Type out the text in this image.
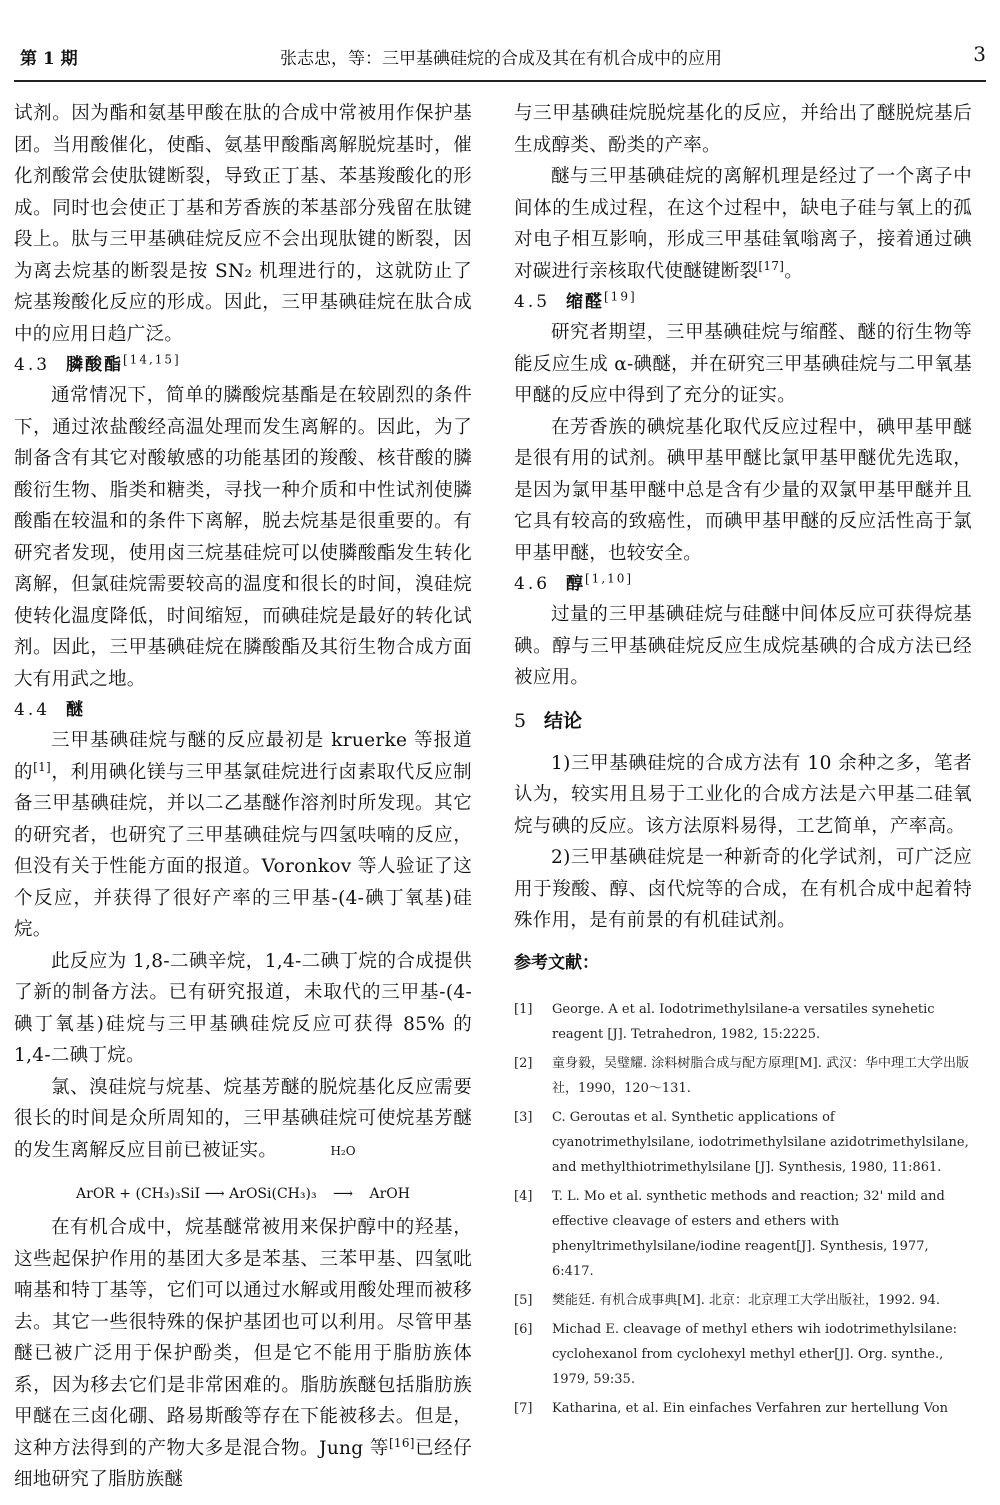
张志忠，等：三甲基碘硅烷的合成及其在有机合成中的应用
第 1 期	3

试剂。因为酯和氨基甲酸在肽的合成中常被用作保护基团。当用酸催化，使酯、氨基甲酸酯离解脱烷基时，催化剂酸常会使肽键断裂，导致正丁基、苯基羧酸化的形成。同时也会使正丁基和芳香族的苯基部分残留在肽键段上。肽与三甲基碘硅烷反应不会出现肽键的断裂，因为离去烷基的断裂是按 SN₂ 机理进行的，这就防止了烷基羧酸化反应的形成。因此，三甲基碘硅烷在肽合成中的应用日趋广泛。

4.3 膦酸酯[14,15]

通常情况下，简单的膦酸烷基酯是在较剧烈的条件下，通过浓盐酸经高温处理而发生离解的。因此，为了制备含有其它对酸敏感的功能基团的羧酸、核苷酸的膦酸衍生物、脂类和糖类，寻找一种介质和中性试剂使膦酸酯在较温和的条件下离解，脱去烷基是很重要的。有研究者发现，使用卤三烷基硅烷可以使膦酸酯发生转化离解，但氯硅烷需要较高的温度和很长的时间，溴硅烷使转化温度降低，时间缩短，而碘硅烷是最好的转化试剂。因此，三甲基碘硅烷在膦酸酯及其衍生物合成方面大有用武之地。

4.4 醚

三甲基碘硅烷与醚的反应最初是 kruerke 等报道的[1]，利用碘化镁与三甲基氯硅烷进行卤素取代反应制备三甲基碘硅烷，并以二乙基醚作溶剂时所发现。其它的研究者，也研究了三甲基碘硅烷与四氢呋喃的反应，但没有关于性能方面的报道。Voronkov 等人验证了这个反应，并获得了很好产率的三甲基-(4-碘丁氧基)硅烷。

此反应为 1,8-二碘辛烷，1,4-二碘丁烷的合成提供了新的制备方法。已有研究报道，未取代的三甲基-(4-碘丁氧基)硅烷与三甲基碘硅烷反应可获得 85% 的 1,4-二碘丁烷。

氯、溴硅烷与烷基、烷基芳醚的脱烷基化反应需要很长的时间是众所周知的，三甲基碘硅烷可使烷基芳醚的发生离解反应目前已被证实。

ArOR + (CH₃)₃SiI ⟶ ArOSi(CH₃)₃
H₂O
⟶ ArOH

在有机合成中，烷基醚常被用来保护醇中的羟基，这些起保护作用的基团大多是苯基、三苯甲基、四氢吡喃基和特丁基等，它们可以通过水解或用酸处理而被移去。其它一些很特殊的保护基团也可以利用。尽管甲基醚已被广泛用于保护酚类，但是它不能用于脂肪族体系，因为移去它们是非常困难的。脂肪族醚包括脂肪族甲醚在三卤化硼、路易斯酸等存在下能被移去。但是，这种方法得到的产物大多是混合物。Jung 等[16]已经仔细地研究了脂肪族醚

与三甲基碘硅烷脱烷基化的反应，并给出了醚脱烷基后生成醇类、酚类的产率。

醚与三甲基碘硅烷的离解机理是经过了一个离子中间体的生成过程，在这个过程中，缺电子硅与氧上的孤对电子相互影响，形成三甲基硅氧嗡离子，接着通过碘对碳进行亲核取代使醚键断裂[17]。

4.5 缩醛[19]

研究者期望，三甲基碘硅烷与缩醛、醚的衍生物等能反应生成 α-碘醚，并在研究三甲基碘硅烷与二甲氧基甲醚的反应中得到了充分的证实。

在芳香族的碘烷基化取代反应过程中，碘甲基甲醚是很有用的试剂。碘甲基甲醚比氯甲基甲醚优先选取，是因为氯甲基甲醚中总是含有少量的双氯甲基甲醚并且它具有较高的致癌性，而碘甲基甲醚的反应活性高于氯甲基甲醚，也较安全。

4.6 醇[1,10]

过量的三甲基碘硅烷与硅醚中间体反应可获得烷基碘。醇与三甲基碘硅烷反应生成烷基碘的合成方法已经被应用。

5 结论

1)三甲基碘硅烷的合成方法有 10 余种之多，笔者认为，较实用且易于工业化的合成方法是六甲基二硅氧烷与碘的反应。该方法原料易得，工艺简单，产率高。

2)三甲基碘硅烷是一种新奇的化学试剂，可广泛应用于羧酸、醇、卤代烷等的合成，在有机合成中起着特殊作用，是有前景的有机硅试剂。

参考文献：
[1] George. A et al. Iodotrimethylsilane-a versatiles synehetic reagent [J]. Tetrahedron, 1982, 15:2225.
[2] 童身毅，吴璧耀. 涂料树脂合成与配方原理[M]. 武汉：华中理工大学出版社，1990，120～131.
[3] C. Geroutas et al. Synthetic applications of cyanotrimethylsilane, iodotrimethylsilane azidotrimethylsilane, and methylthiotrimethylsilane [J]. Synthesis, 1980, 11:861.
[4] T. L. Mo et al. synthetic methods and reaction; 32' mild and effective cleavage of esters and ethers with phenyltrimethylsilane/iodine reagent[J]. Synthesis, 1977, 6:417.
[5] 樊能廷. 有机合成事典[M]. 北京：北京理工大学出版社，1992. 94.
[6] Michad E. cleavage of methyl ethers wih iodotrimethylsilane: cyclohexanol from cyclohexyl methyl ether[J]. Org. synthe., 1979, 59:35.
[7] Katharina, et al. Ein einfaches Verfahren zur hertellung Von
